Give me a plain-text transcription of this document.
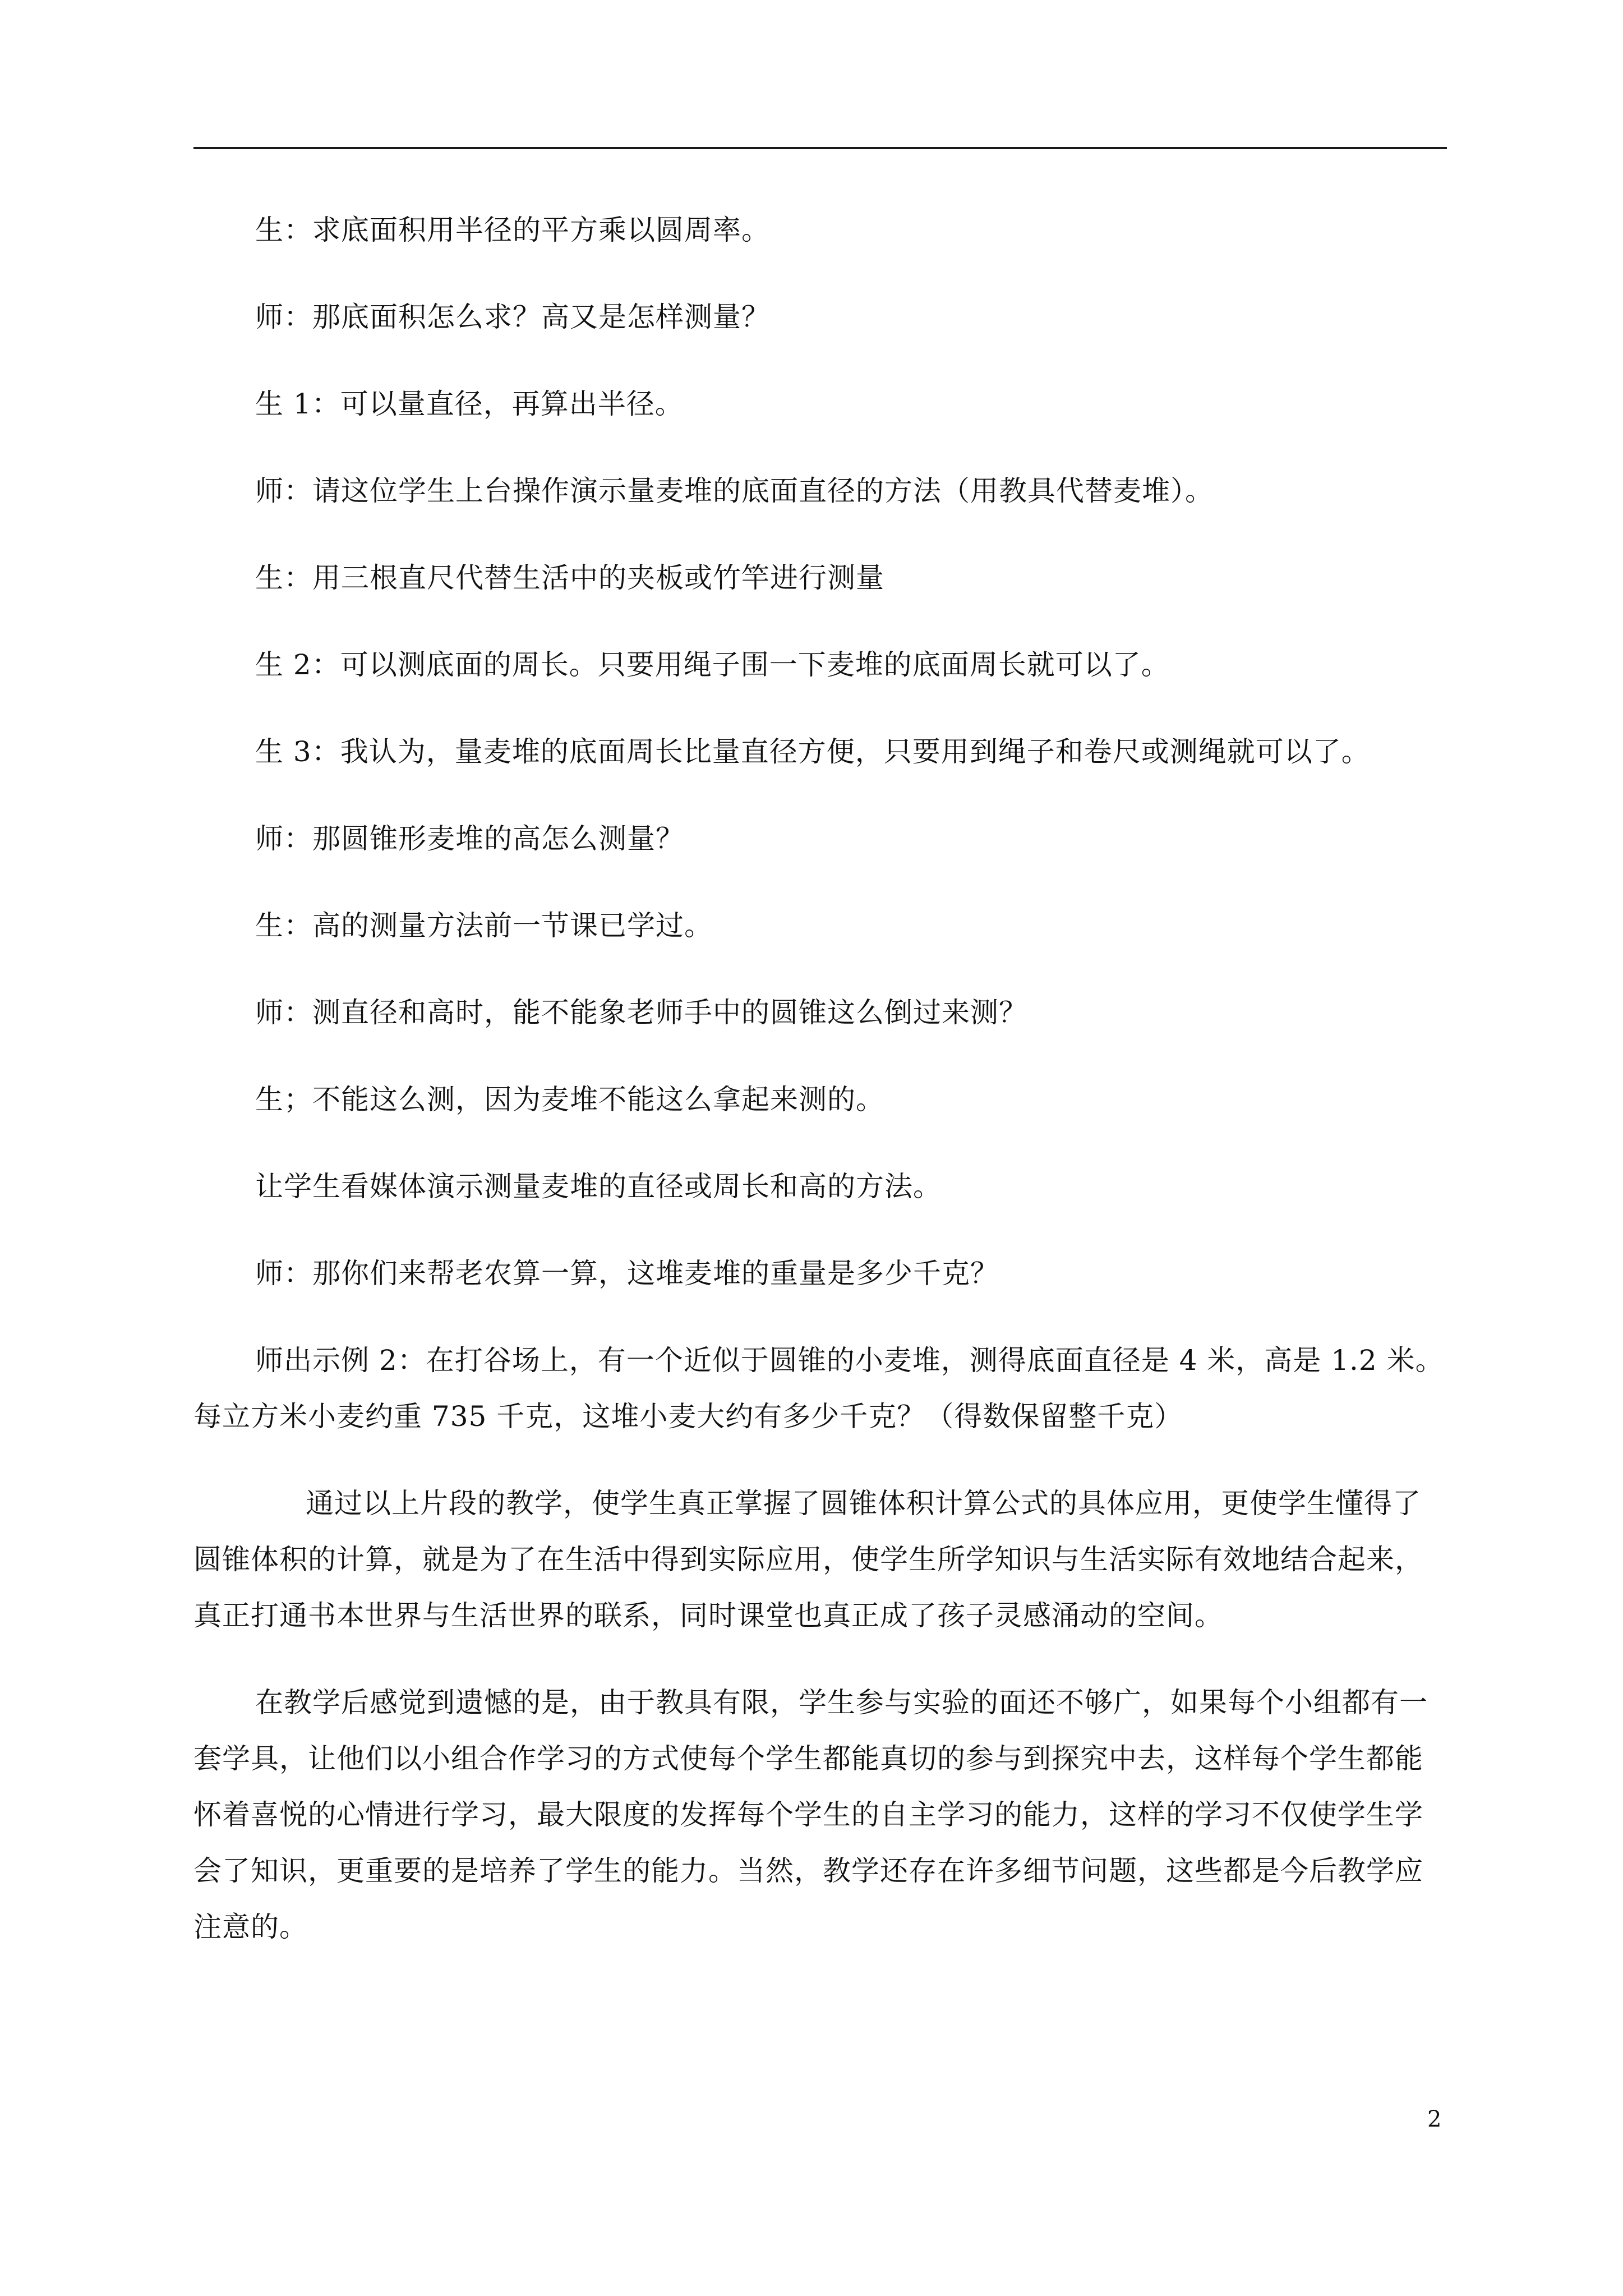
生：求底面积用半径的平方乘以圆周率。

师：那底面积怎么求？高又是怎样测量？

生 1：可以量直径，再算出半径。

师：请这位学生上台操作演示量麦堆的底面直径的方法（用教具代替麦堆）。

生：用三根直尺代替生活中的夹板或竹竿进行测量

生 2：可以测底面的周长。只要用绳子围一下麦堆的底面周长就可以了。

生 3：我认为，量麦堆的底面周长比量直径方便，只要用到绳子和卷尺或测绳就可以了。

师：那圆锥形麦堆的高怎么测量？

生：高的测量方法前一节课已学过。

师：测直径和高时，能不能象老师手中的圆锥这么倒过来测？

生；不能这么测，因为麦堆不能这么拿起来测的。

让学生看媒体演示测量麦堆的直径或周长和高的方法。

师：那你们来帮老农算一算，这堆麦堆的重量是多少千克？

师出示例 2：在打谷场上，有一个近似于圆锥的小麦堆，测得底面直径是 4 米，高是 1.2 米。每立方米小麦约重 735 千克，这堆小麦大约有多少千克？（得数保留整千克）

通过以上片段的教学，使学生真正掌握了圆锥体积计算公式的具体应用，更使学生懂得了圆锥体积的计算，就是为了在生活中得到实际应用，使学生所学知识与生活实际有效地结合起来，真正打通书本世界与生活世界的联系，同时课堂也真正成了孩子灵感涌动的空间。

在教学后感觉到遗憾的是，由于教具有限，学生参与实验的面还不够广，如果每个小组都有一套学具，让他们以小组合作学习的方式使每个学生都能真切的参与到探究中去，这样每个学生都能怀着喜悦的心情进行学习，最大限度的发挥每个学生的自主学习的能力，这样的学习不仅使学生学会了知识，更重要的是培养了学生的能力。当然，教学还存在许多细节问题，这些都是今后教学应注意的。

2
